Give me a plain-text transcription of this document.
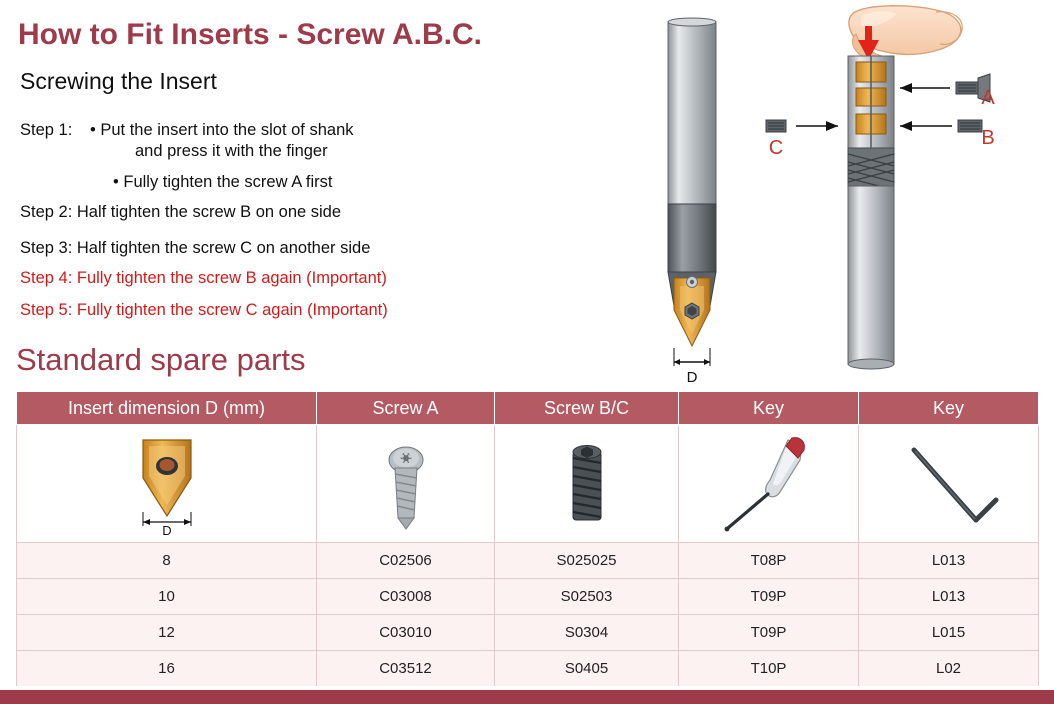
How to Fit Inserts - Screw A.B.C.
Screwing the Insert
Step 1: • Put the insert into the slot of shank
and press it with the finger
• Fully tighten the screw A first
Step 2: Half tighten the screw B on one side
Step 3: Half tighten the screw C on another side
Step 4: Fully tighten the screw B again (Important)
Step 5: Fully tighten the screw C again (Important)
Standard spare parts
D
A
B
C
Insert dimension D (mm)	Screw A	Screw B/C	Key	Key

D

8	C02506	S025025	T08P	L013
10	C03008	S02503	T09P	L013
12	C03010	S0304	T09P	L015
16	C03512	S0405	T10P	L02
